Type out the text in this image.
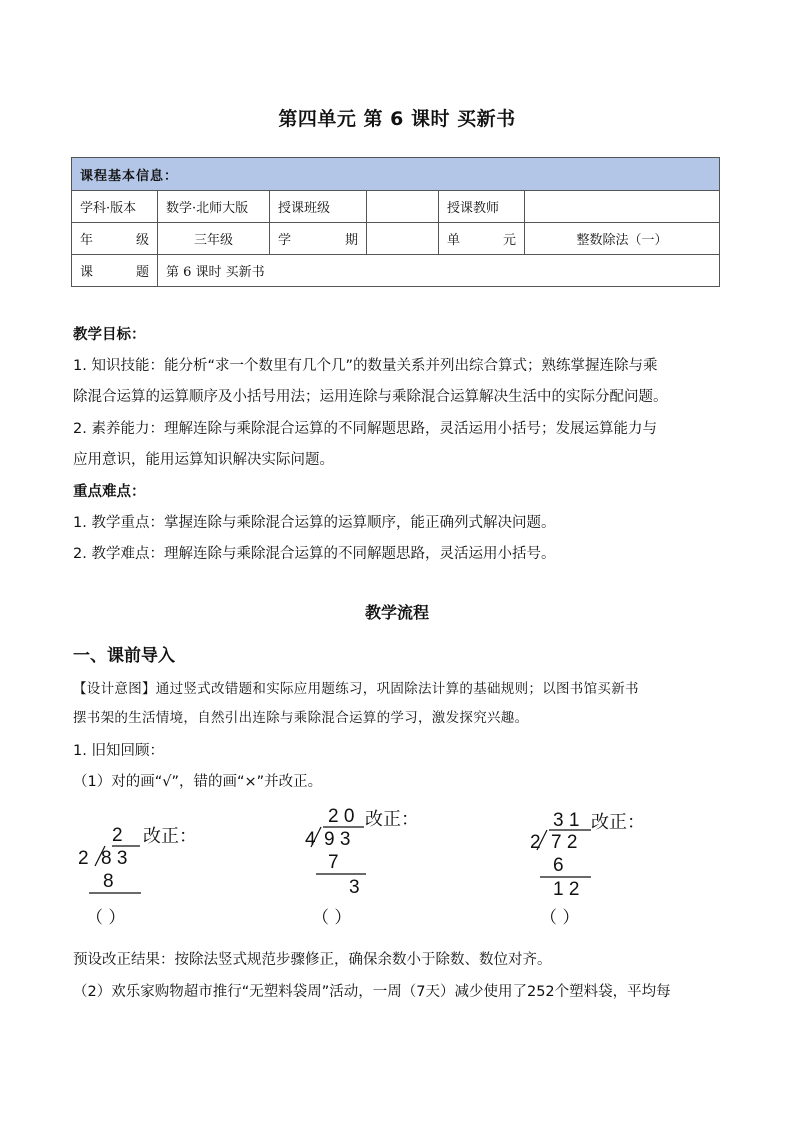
第四单元 第 6 课时 买新书
课程基本信息：					
学科·版本	数学·北师大版	授课班级		授课教师	
年 级	三年级	学 期		单 元	整数除法（一）
课 题	第 6 课时 买新书				
教学目标：
1. 知识技能：能分析“求一个数里有几个几”的数量关系并列出综合算式；熟练掌握连除与乘
除混合运算的运算顺序及小括号用法；运用连除与乘除混合运算解决生活中的实际分配问题。
2. 素养能力：理解连除与乘除混合运算的不同解题思路，灵活运用小括号；发展运算能力与
应用意识，能用运算知识解决实际问题。
重点难点：
1. 教学重点：掌握连除与乘除混合运算的运算顺序，能正确列式解决问题。
2. 教学难点：理解连除与乘除混合运算的不同解题思路，灵活运用小括号。
教学流程
一、课前导入
【设计意图】通过竖式改错题和实际应用题练习，巩固除法计算的基础规则；以图书馆买新书
摆书架的生活情境，自然引出连除与乘除混合运算的学习，激发探究兴趣。
1. 旧知回顾：
（1）对的画“√”，错的画“×”并改正。
2 改正：
2 8 3
8
（ ）
2 0 改正：
4 9 3
7
3
（ ）
3 1 改正：
2 7 2
6
1 2
（ ）
预设改正结果：按除法竖式规范步骤修正，确保余数小于除数、数位对齐。
（2）欢乐家购物超市推行“无塑料袋周”活动，一周（7天）减少使用了252个塑料袋，平均每
